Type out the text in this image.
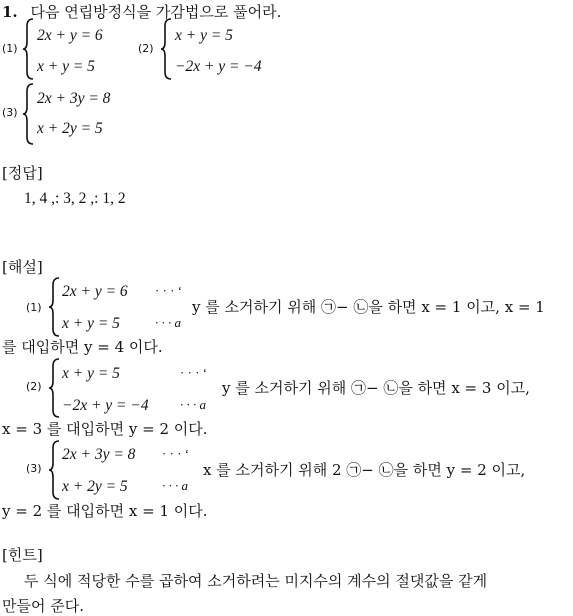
1. 다음 연립방정식을 가감법으로 풀어라.
(1)
2x + y = 6
x + y = 5
(2)
x + y = 5
−2x + y = −4
(3)
2x + 3y = 8
x + 2y = 5
[정답]
1, 4 ,: 3, 2 ,: 1, 2
[해설]
(1)
2x + y = 6 · · · ‘
x + y = 5	· · · a
y 를 소거하기 위해 ㉠− ㉡을 하면 x = 1 이고, x = 1
를 대입하면 y = 4 이다.
(2)
x + y = 5	· · · ‘
−2x + y = −4 · · · a
y 를 소거하기 위해 ㉠− ㉡을 하면 x = 3 이고,
x = 3 를 대입하면 y = 2 이다.
(3)
2x + 3y = 8 · · · ‘
x + 2y = 5	· · · a
x 를 소거하기 위해 2 ㉠− ㉡을 하면 y = 2 이고,
y = 2 를 대입하면 x = 1 이다.
[힌트]
두 식에 적당한 수를 곱하여 소거하려는 미지수의 계수의 절댓값을 같게
만들어 준다.
